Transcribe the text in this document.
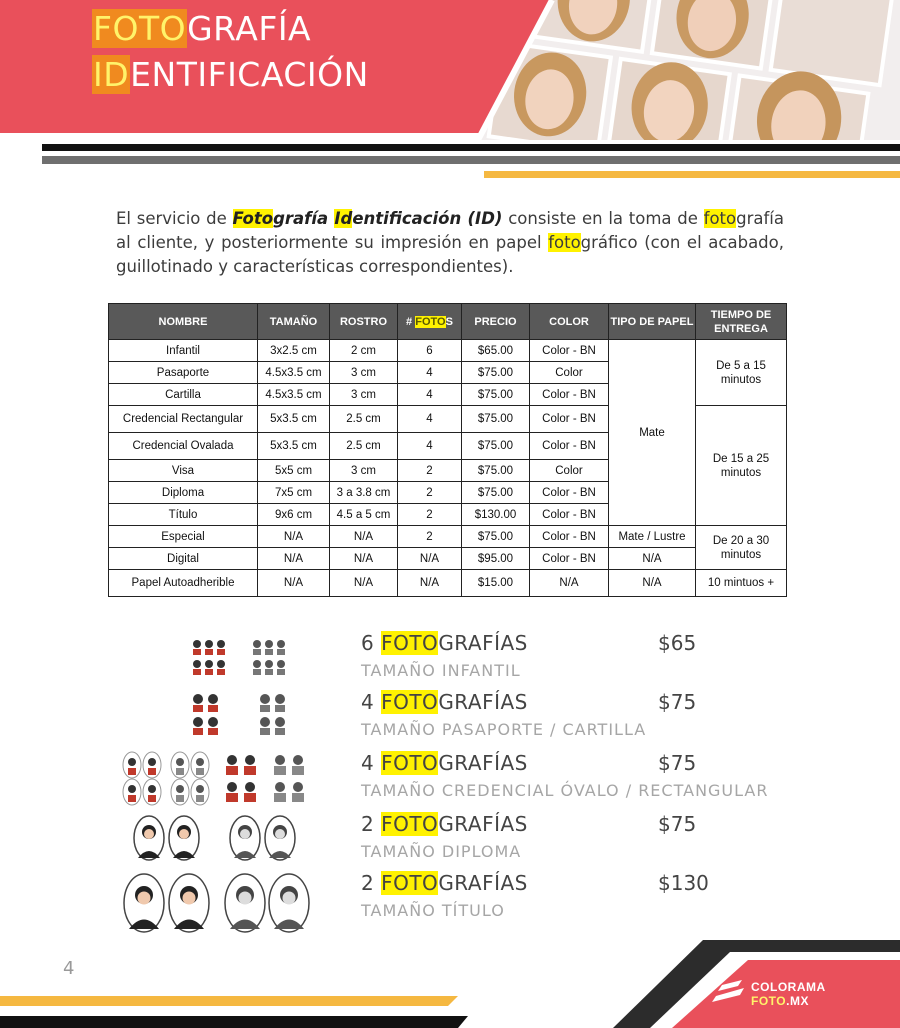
FOTOGRAFÍA
IDENTIFICACIÓN
El servicio de Fotografía Identificación (ID) consiste en la toma de fotografía al cliente, y posteriormente su impresión en papel fotográfico (con el acabado, guillotinado y características correspondientes).
NOMBRE	TAMAÑO	ROSTRO	# FOTOS	PRECIO	COLOR	TIPO DE PAPEL	TIEMPO DE ENTREGA
Infantil	3x2.5 cm	2 cm	6	$65.00	Color - BN	Mate	De 5 a 15 minutos
Pasaporte	4.5x3.5 cm	3 cm	4	$75.00	Color		
Cartilla	4.5x3.5 cm	3 cm	4	$75.00	Color - BN		
Credencial Rectangular	5x3.5 cm	2.5 cm	4	$75.00	Color - BN		De 15 a 25 minutos
Credencial Ovalada	5x3.5 cm	2.5 cm	4	$75.00	Color - BN		
Visa	5x5 cm	3 cm	2	$75.00	Color		
Diploma	7x5 cm	3 a 3.8 cm	2	$75.00	Color - BN		
Título	9x6 cm	4.5 a 5 cm	2	$130.00	Color - BN		
Especial	N/A	N/A	2	$75.00	Color - BN	Mate / Lustre	De 20 a 30 minutos
Digital	N/A	N/A	N/A	$95.00	Color - BN	N/A	
Papel Autoadherible	N/A	N/A	N/A	$15.00	N/A	N/A	10 mintuos +
6 FOTOGRAFÍAS	$65
TAMAÑO INFANTIL
4 FOTOGRAFÍAS	$75
TAMAÑO PASAPORTE / CARTILLA
4 FOTOGRAFÍAS	$75
TAMAÑO CREDENCIAL ÓVALO / RECTANGULAR
2 FOTOGRAFÍAS	$75
TAMAÑO DIPLOMA
2 FOTOGRAFÍAS	$130
TAMAÑO TÍTULO
4
COLORAMA
FOTO.MX
